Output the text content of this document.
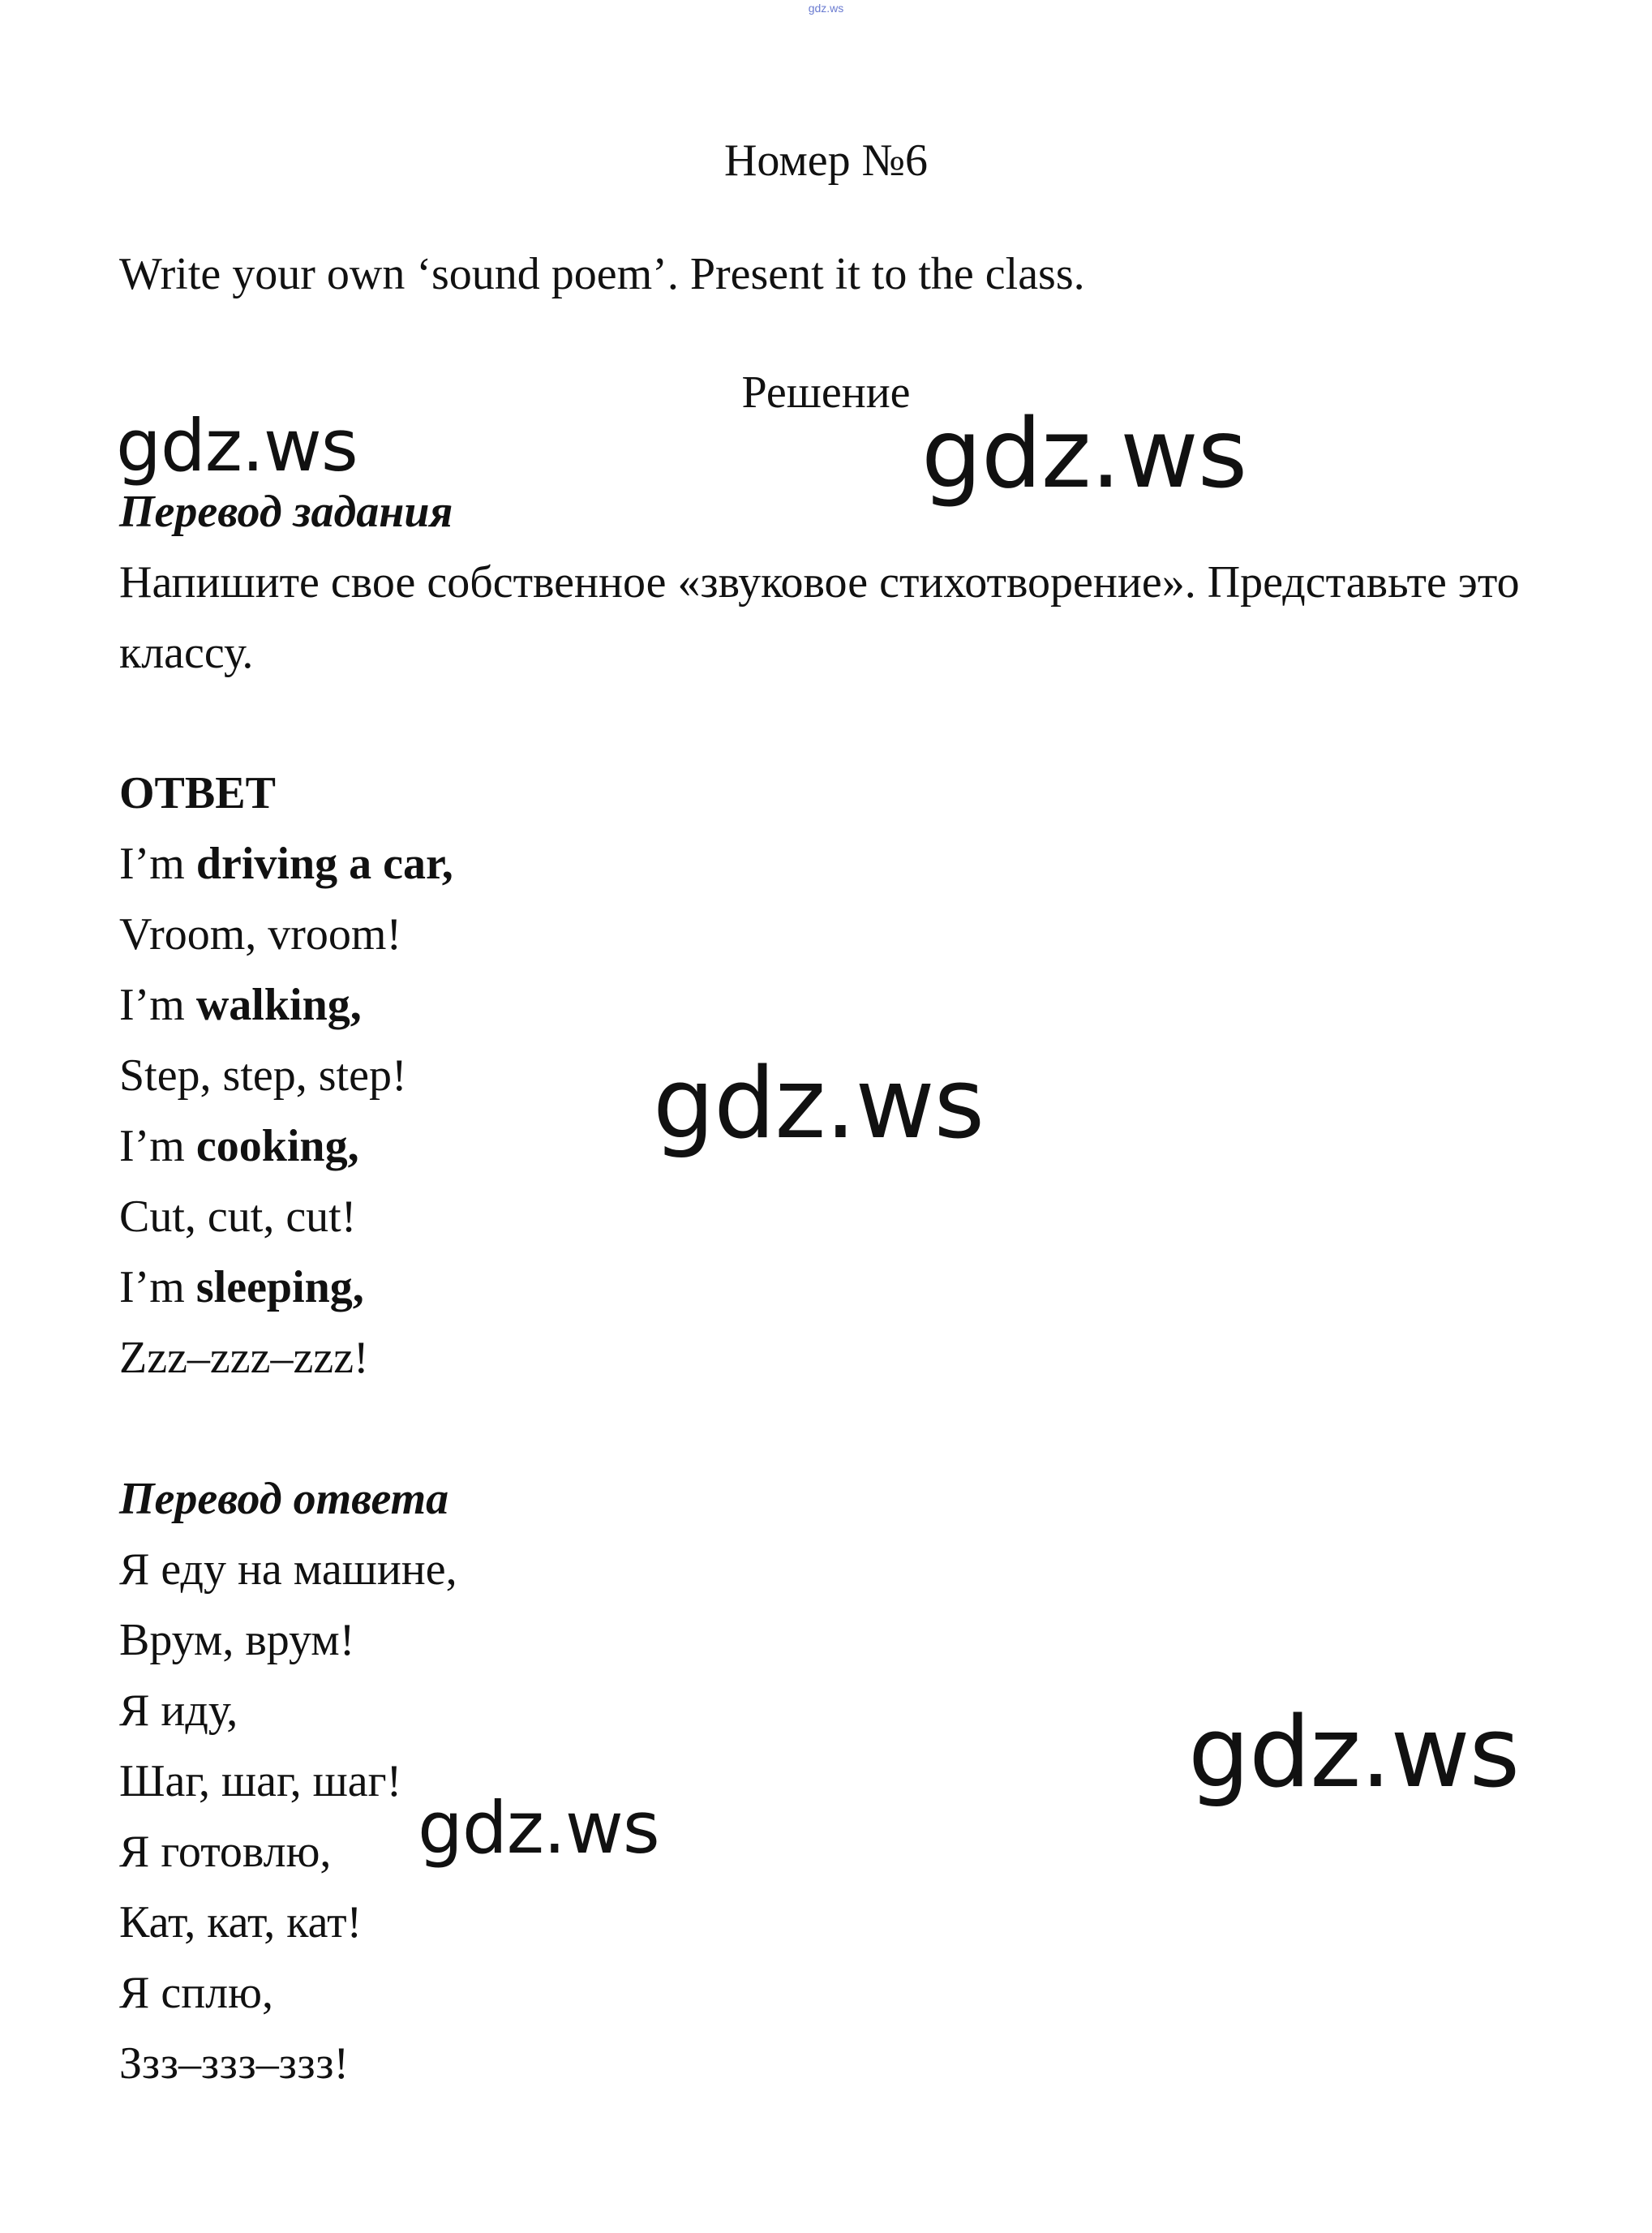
gdz.ws
Номер №6
Write your own ‘sound poem’. Present it to the class.
Решение
Перевод задания
Напишите свое собственное «звуковое стихотворение». Представьте это классу.
ОТВЕТ
I’m driving a car,
Vroom, vroom!
I’m walking,
Step, step, step!
I’m cooking,
Cut, cut, cut!
I’m sleeping,
Zzz–zzz–zzz!
Перевод ответа
Я еду на машине,
Врум, врум!
Я иду,
Шаг, шаг, шаг!
Я готовлю,
Кат, кат, кат!
Я сплю,
Ззз–ззз–ззз!
gdz.ws	gdz.ws
gdz.ws
gdz.ws
gdz.ws
